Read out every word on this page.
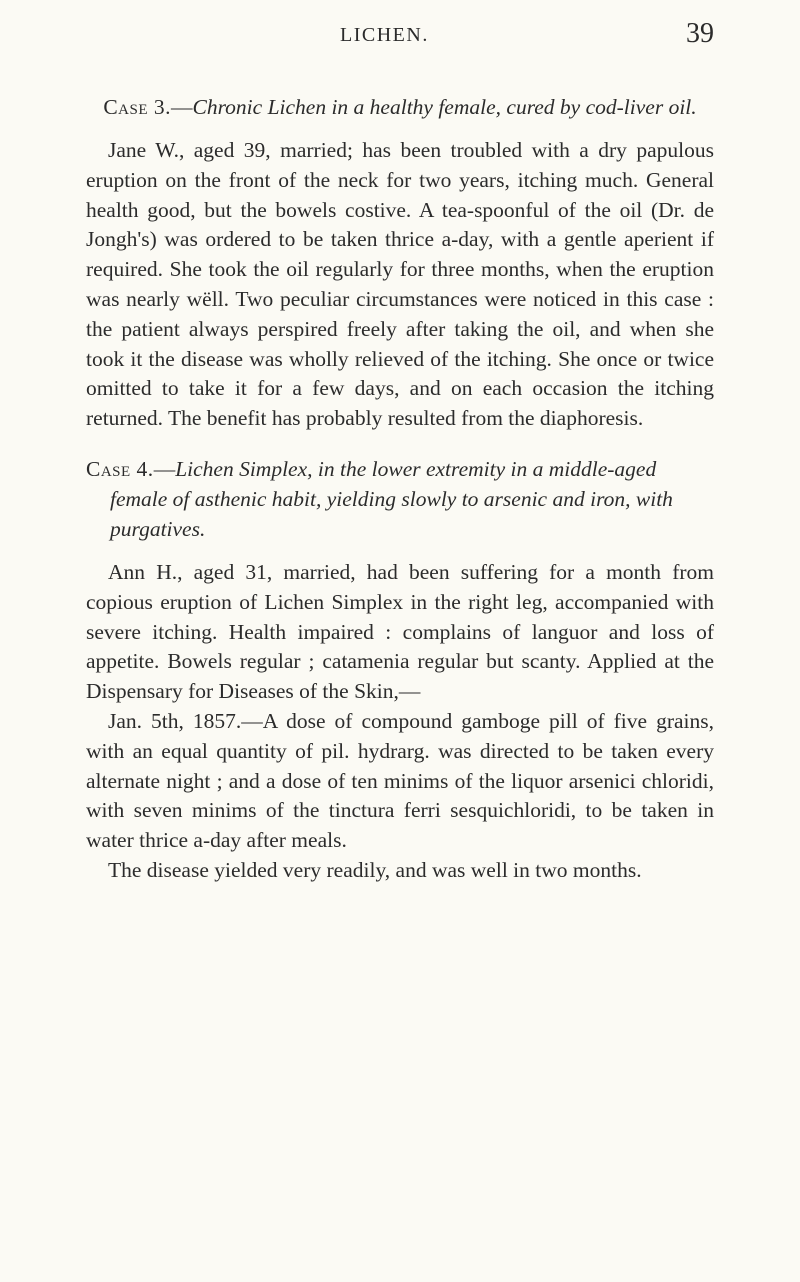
LICHEN.	39
Case 3.—Chronic Lichen in a healthy female, cured by cod-liver oil.

Jane W., aged 39, married; has been troubled with a dry papulous eruption on the front of the neck for two years, itching much. General health good, but the bowels costive. A tea-spoonful of the oil (Dr. de Jongh's) was ordered to be taken thrice a-day, with a gentle aperient if required. She took the oil regularly for three months, when the eruption was nearly wëll. Two peculiar circumstances were noticed in this case : the patient always perspired freely after taking the oil, and when she took it the disease was wholly relieved of the itching. She once or twice omitted to take it for a few days, and on each occasion the itching returned. The benefit has probably resulted from the diaphoresis.

Case 4.—Lichen Simplex, in the lower extremity in a middle-aged female of asthenic habit, yielding slowly to arsenic and iron, with purgatives.

Ann H., aged 31, married, had been suffering for a month from copious eruption of Lichen Simplex in the right leg, accompanied with severe itching. Health impaired : complains of languor and loss of appetite. Bowels regular ; catamenia regular but scanty. Applied at the Dispensary for Diseases of the Skin,—

Jan. 5th, 1857.—A dose of compound gamboge pill of five grains, with an equal quantity of pil. hydrarg. was directed to be taken every alternate night ; and a dose of ten minims of the liquor arsenici chloridi, with seven minims of the tinctura ferri sesquichloridi, to be taken in water thrice a-day after meals.

The disease yielded very readily, and was well in two months.
